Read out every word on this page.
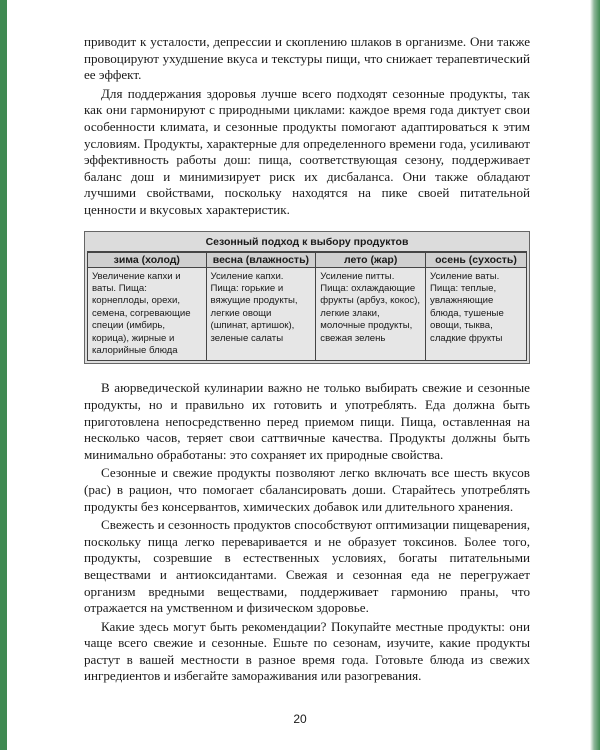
приводит к усталости, депрессии и скоплению шлаков в организме. Они также провоцируют ухудшение вкуса и текстуры пищи, что снижает терапевтический ее эффект.

Для поддержания здоровья лучше всего подходят сезонные продукты, так как они гармонируют с природными циклами: каждое время года диктует свои особенности климата, и сезонные продукты помогают адаптироваться к этим условиям. Продукты, характерные для определенного времени года, усиливают эффективность работы дош: пища, соответствующая сезону, поддерживает баланс дош и минимизирует риск их дисбаланса. Они также обладают лучшими свойствами, поскольку находятся на пике своей питательной ценности и вкусовых характеристик.

Сезонный подход к выбору продуктов
зима (холод)	весна (влажность)	лето (жар)	осень (сухость)
Увеличение капхи и ваты. Пища: корнеплоды, орехи, семена, согревающие специи (имбирь, корица), жирные и калорийные блюда	Усиление капхи. Пища: горькие и вяжущие продукты, легкие овощи (шпинат, артишок), зеленые салаты	Усиление питты. Пища: охлаждающие фрукты (арбуз, кокос), легкие злаки, молочные продукты, свежая зелень	Усиление ваты. Пища: теплые, увлажняющие блюда, тушеные овощи, тыква, сладкие фрукты

В аюрведической кулинарии важно не только выбирать свежие и сезонные продукты, но и правильно их готовить и употреблять. Еда должна быть приготовлена непосредственно перед приемом пищи. Пища, оставленная на несколько часов, теряет свои саттвичные качества. Продукты должны быть минимально обработаны: это сохраняет их природные свойства.

Сезонные и свежие продукты позволяют легко включать все шесть вкусов (рас) в рацион, что помогает сбалансировать доши. Старайтесь употреблять продукты без консервантов, химических добавок или длительного хранения.

Свежесть и сезонность продуктов способствуют оптимизации пищеварения, поскольку пища легко переваривается и не образует токсинов. Более того, продукты, созревшие в естественных условиях, богаты питательными веществами и антиоксидантами. Свежая и сезонная еда не перегружает организм вредными веществами, поддерживает гармонию праны, что отражается на умственном и физическом здоровье.

Какие здесь могут быть рекомендации? Покупайте местные продукты: они чаще всего свежие и сезонные. Ешьте по сезонам, изучите, какие продукты растут в вашей местности в разное время года. Готовьте блюда из свежих ингредиентов и избегайте замораживания или разогревания.

20
